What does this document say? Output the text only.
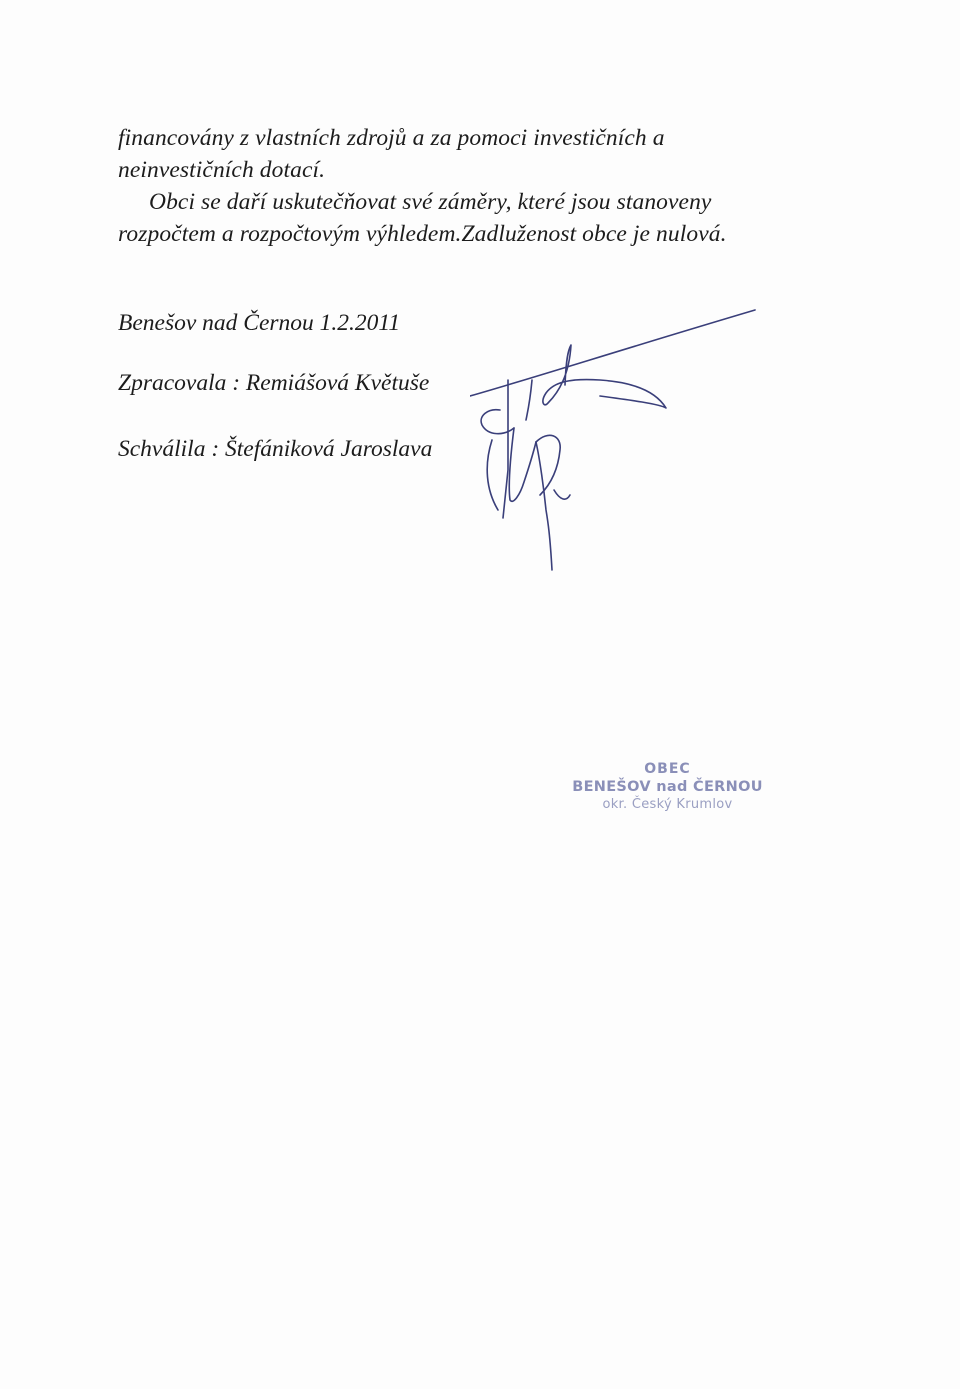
financovány z vlastních zdrojů a za pomoci investičních a
neinvestičních dotací.
Obci se daří uskutečňovat své záměry, které jsou stanoveny
rozpočtem a rozpočtovým výhledem.Zadluženost obce je nulová.
Benešov nad Černou 1.2.2011
Zpracovala : Remiášová Květuše
Schválila : Štefániková Jaroslava
OBEC
BENEŠOV nad ČERNOU
okr. Český Krumlov
